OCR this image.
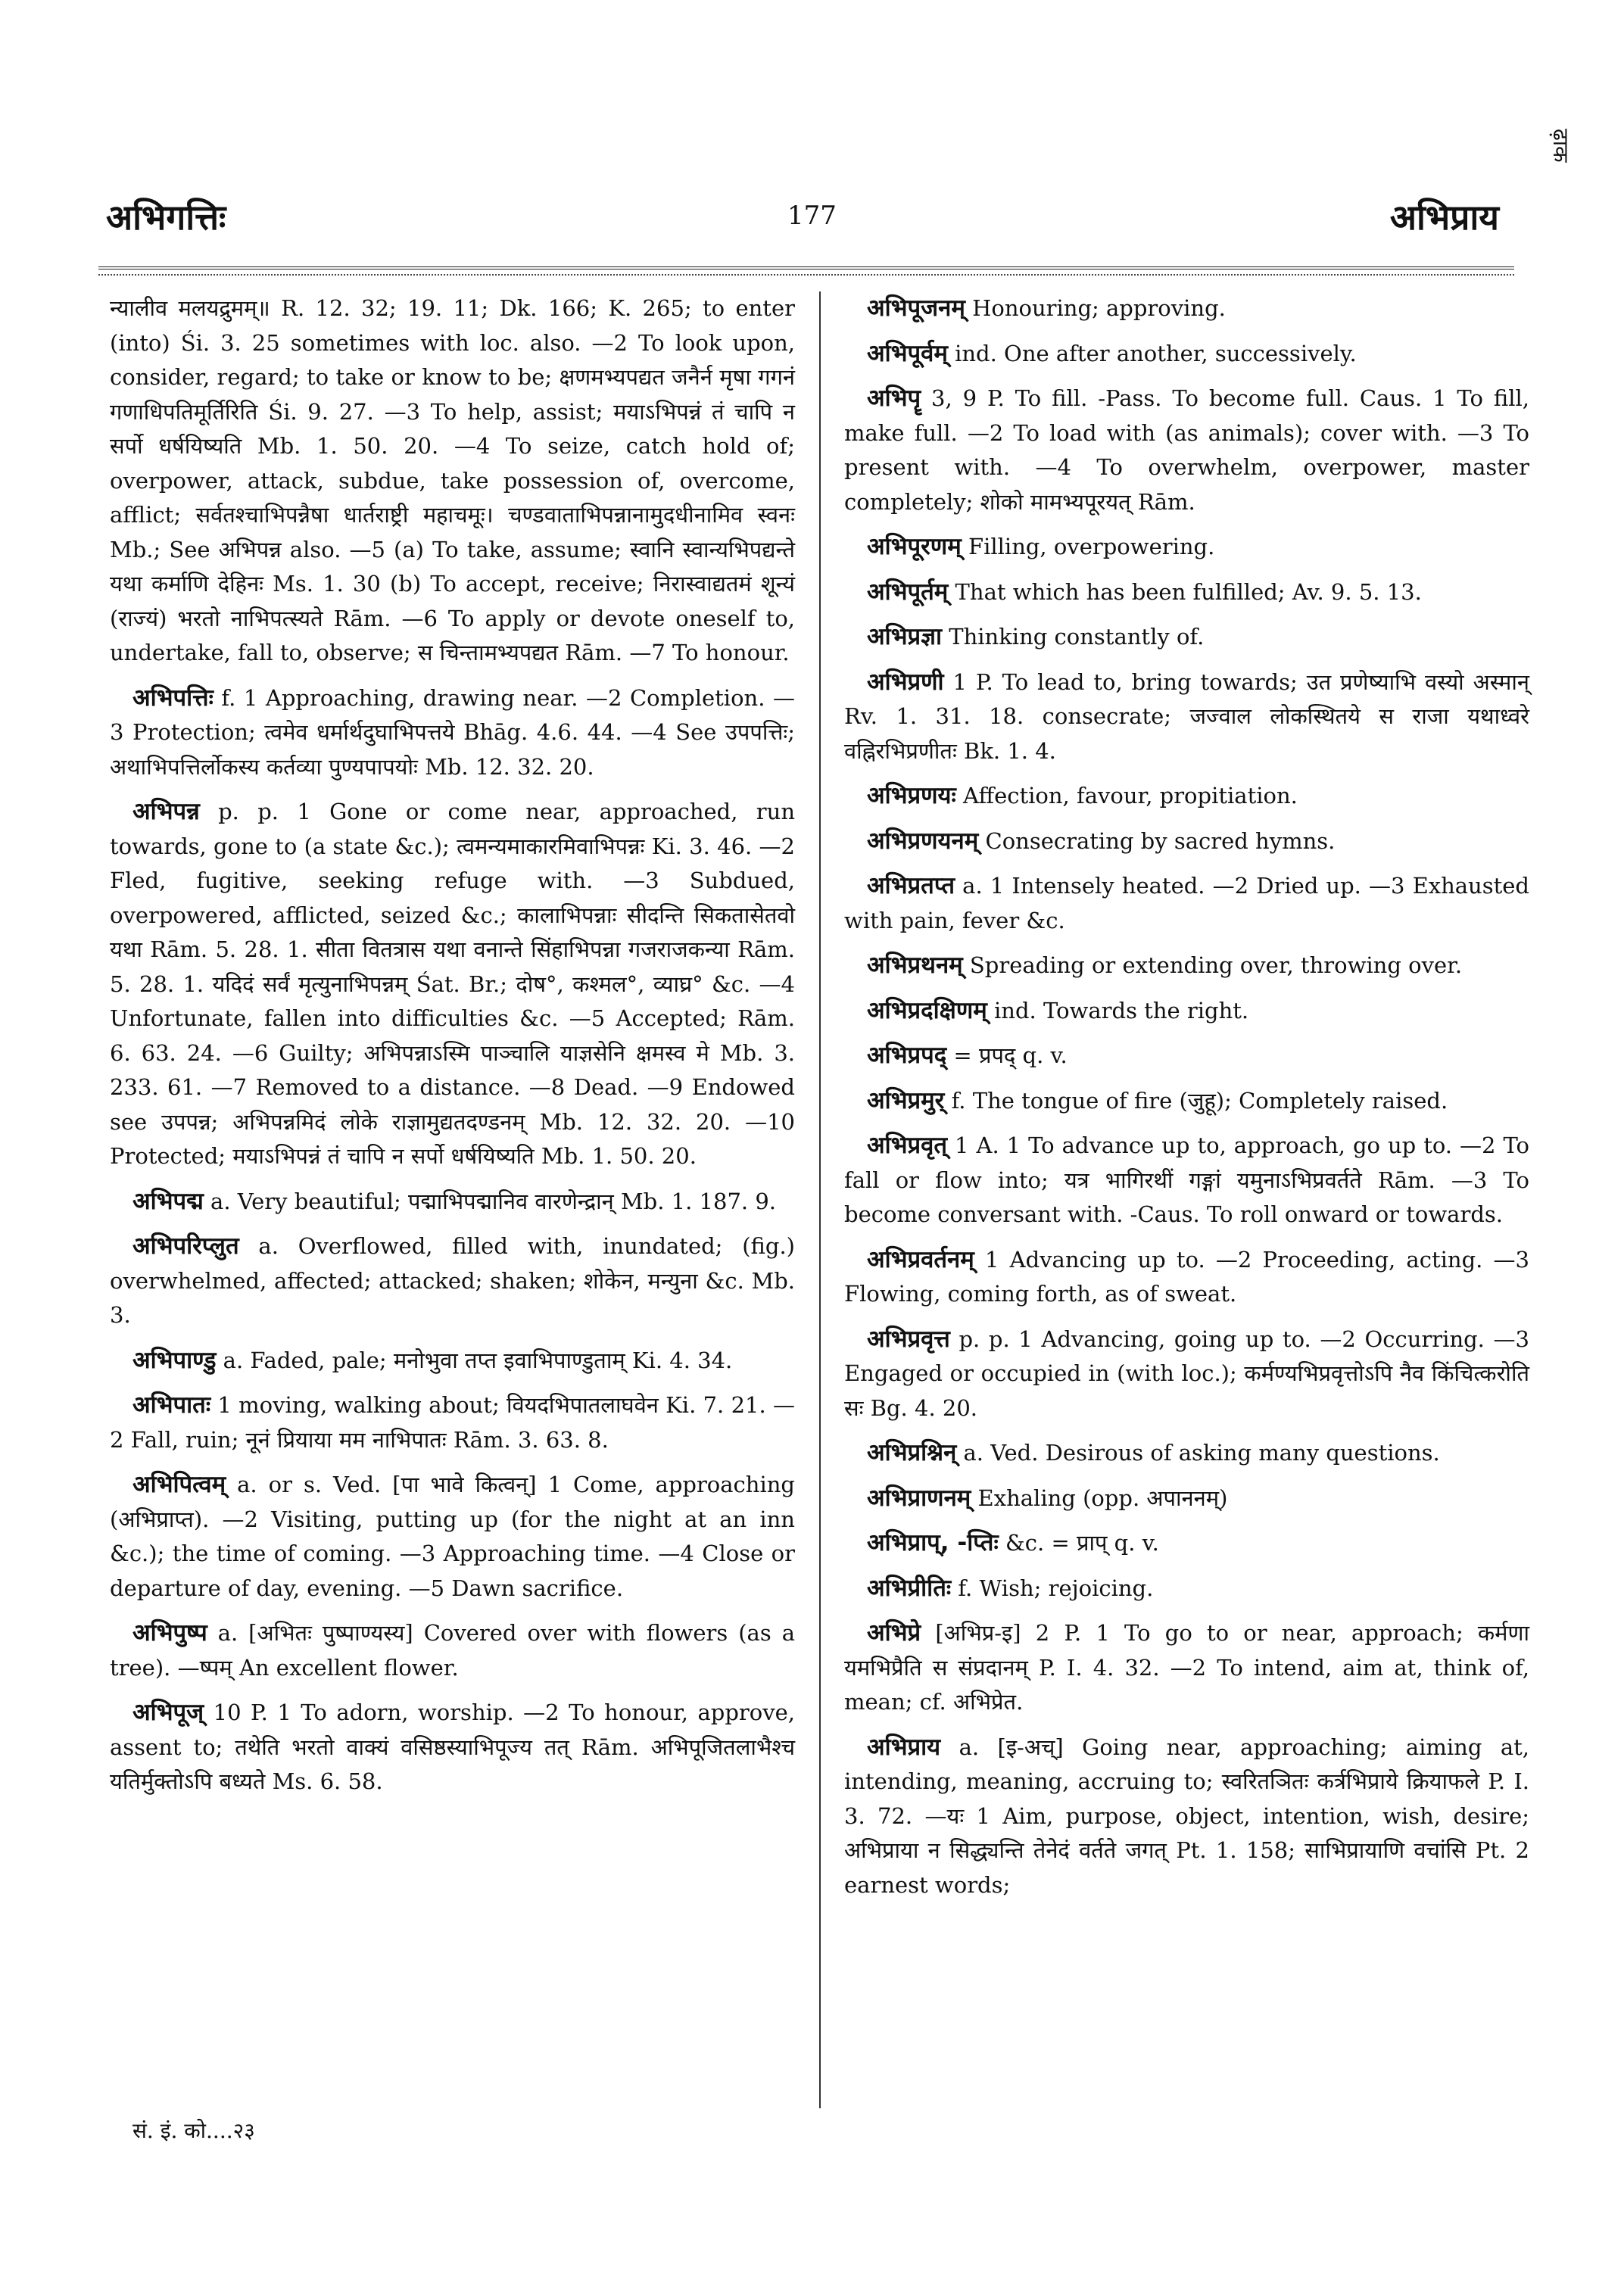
अभिगत्तिः	177	अभिप्राय
ढ़ाक

न्यालीव मलयद्रुमम्॥ R. 12. 32; 19. 11; Dk. 166; K. 265; to enter (into) Śi. 3. 25 sometimes with loc. also. —2 To look upon, consider, regard; to take or know to be; क्षणमभ्यपद्यत जनैर्न मृषा गगनं गणाधिपतिमूर्तिरिति Śi. 9. 27. —3 To help, assist; मयाऽभिपन्नं तं चापि न सर्पो धर्षयिष्यति Mb. 1. 50. 20. —4 To seize, catch hold of; overpower, attack, subdue, take possession of, overcome, afflict; सर्वतश्चाभिपन्नैषा धार्तराष्ट्री महाचमूः। चण्डवाताभिपन्नानामुदधीनामिव स्वनः Mb.; See अभिपन्न also. —5 (a) To take, assume; स्वानि स्वान्यभिपद्यन्ते यथा कर्माणि देहिनः Ms. 1. 30 (b) To accept, receive; निरास्वाद्यतमं शून्यं (राज्यं) भरतो नाभिपत्स्यते Rām. —6 To apply or devote oneself to, undertake, fall to, observe; स चिन्तामभ्यपद्यत Rām. —7 To honour.

अभिपत्तिः f. 1 Approaching, drawing near. —2 Completion. —3 Protection; त्वमेव धर्मार्थदुघाभिपत्तये Bhāg. 4.6. 44. —4 See उपपत्तिः; अथाभिपत्तिर्लोकस्य कर्तव्या पुण्यपापयोः Mb. 12. 32. 20.

अभिपन्न p. p. 1 Gone or come near, approached, run towards, gone to (a state &c.); त्वमन्यमाकारमिवाभिपन्नः Ki. 3. 46. —2 Fled, fugitive, seeking refuge with. —3 Subdued, overpowered, afflicted, seized &c.; कालाभिपन्नाः सीदन्ति सिकतासेतवो यथा Rām. 5. 28. 1. सीता वितत्रास यथा वनान्ते सिंहाभिपन्ना गजराजकन्या Rām. 5. 28. 1. यदिदं सर्वं मृत्युनाभिपन्नम् Śat. Br.; दोष°, कश्मल°, व्याघ्र° &c. —4 Unfortunate, fallen into difficulties &c. —5 Accepted; Rām. 6. 63. 24. —6 Guilty; अभिपन्नाऽस्मि पाञ्चालि याज्ञसेनि क्षमस्व मे Mb. 3. 233. 61. —7 Removed to a distance. —8 Dead. —9 Endowed see उपपन्न; अभिपन्नमिदं लोके राज्ञामुद्यतदण्डनम् Mb. 12. 32. 20. —10 Protected; मयाऽभिपन्नं तं चापि न सर्पो धर्षयिष्यति Mb. 1. 50. 20.

अभिपद्म a. Very beautiful; पद्माभिपद्मानिव वारणेन्द्रान् Mb. 1. 187. 9.

अभिपरिप्लुत a. Overflowed, filled with, inundated; (fig.) overwhelmed, affected; attacked; shaken; शोकेन, मन्युना &c. Mb. 3.

अभिपाण्डु a. Faded, pale; मनोभुवा तप्त इवाभिपाण्डुताम् Ki. 4. 34.

अभिपातः 1 moving, walking about; वियदभिपातलाघवेन Ki. 7. 21. —2 Fall, ruin; नूनं प्रियाया मम नाभिपातः Rām. 3. 63. 8.

अभिपित्वम् a. or s. Ved. [पा भावे कित्वन्] 1 Come, approaching (अभिप्राप्त). —2 Visiting, putting up (for the night at an inn &c.); the time of coming. —3 Approaching time. —4 Close or departure of day, evening. —5 Dawn sacrifice.

अभिपुष्प a. [अभितः पुष्पाण्यस्य] Covered over with flowers (as a tree). —ष्पम् An excellent flower.

अभिपूज् 10 P. 1 To adorn, worship. —2 To honour, approve, assent to; तथेति भरतो वाक्यं वसिष्ठस्याभिपूज्य तत् Rām. अभिपूजितलाभैश्च यतिर्मुक्तोऽपि बध्यते Ms. 6. 58.

अभिपूजनम् Honouring; approving.

अभिपूर्वम् ind. One after another, successively.

अभिपॄ 3, 9 P. To fill. -Pass. To become full. Caus. 1 To fill, make full. —2 To load with (as animals); cover with. —3 To present with. —4 To overwhelm, overpower, master completely; शोको मामभ्यपूरयत् Rām.

अभिपूरणम् Filling, overpowering.

अभिपूर्तम् That which has been fulfilled; Av. 9. 5. 13.

अभिप्रज्ञा Thinking constantly of.

अभिप्रणी 1 P. To lead to, bring towards; उत प्रणेष्याभि वस्यो अस्मान् Rv. 1. 31. 18. consecrate; जज्वाल लोकस्थितये स राजा यथाध्वरे वह्निरभिप्रणीतः Bk. 1. 4.

अभिप्रणयः Affection, favour, propitiation.

अभिप्रणयनम् Consecrating by sacred hymns.

अभिप्रतप्त a. 1 Intensely heated. —2 Dried up. —3 Exhausted with pain, fever &c.

अभिप्रथनम् Spreading or extending over, throwing over.

अभिप्रदक्षिणम् ind. Towards the right.

अभिप्रपद् = प्रपद् q. v.

अभिप्रमुर् f. The tongue of fire (जुहू); Completely raised.

अभिप्रवृत् 1 A. 1 To advance up to, approach, go up to. —2 To fall or flow into; यत्र भागिरथीं गङ्गां यमुनाऽभिप्रवर्तते Rām. —3 To become conversant with. -Caus. To roll onward or towards.

अभिप्रवर्तनम् 1 Advancing up to. —2 Proceeding, acting. —3 Flowing, coming forth, as of sweat.

अभिप्रवृत्त p. p. 1 Advancing, going up to. —2 Occurring. —3 Engaged or occupied in (with loc.); कर्मण्यभिप्रवृत्तोऽपि नैव किंचित्करोति सः Bg. 4. 20.

अभिप्रश्निन् a. Ved. Desirous of asking many questions.

अभिप्राणनम् Exhaling (opp. अपाननम्)

अभिप्राप्, -प्तिः &c. = प्राप् q. v.

अभिप्रीतिः f. Wish; rejoicing.

अभिप्रे [अभिप्र-इ] 2 P. 1 To go to or near, approach; कर्मणा यमभिप्रैति स संप्रदानम् P. I. 4. 32. —2 To intend, aim at, think of, mean; cf. अभिप्रेत.

अभिप्राय a. [इ-अच्] Going near, approaching; aiming at, intending, meaning, accruing to; स्वरितञितः कर्त्रभिप्राये क्रियाफले P. I. 3. 72. —यः 1 Aim, purpose, object, intention, wish, desire; अभिप्राया न सिद्ध्यन्ति तेनेदं वर्तते जगत् Pt. 1. 158; साभिप्रायाणि वचांसि Pt. 2 earnest words;

सं. इं. को....२३
